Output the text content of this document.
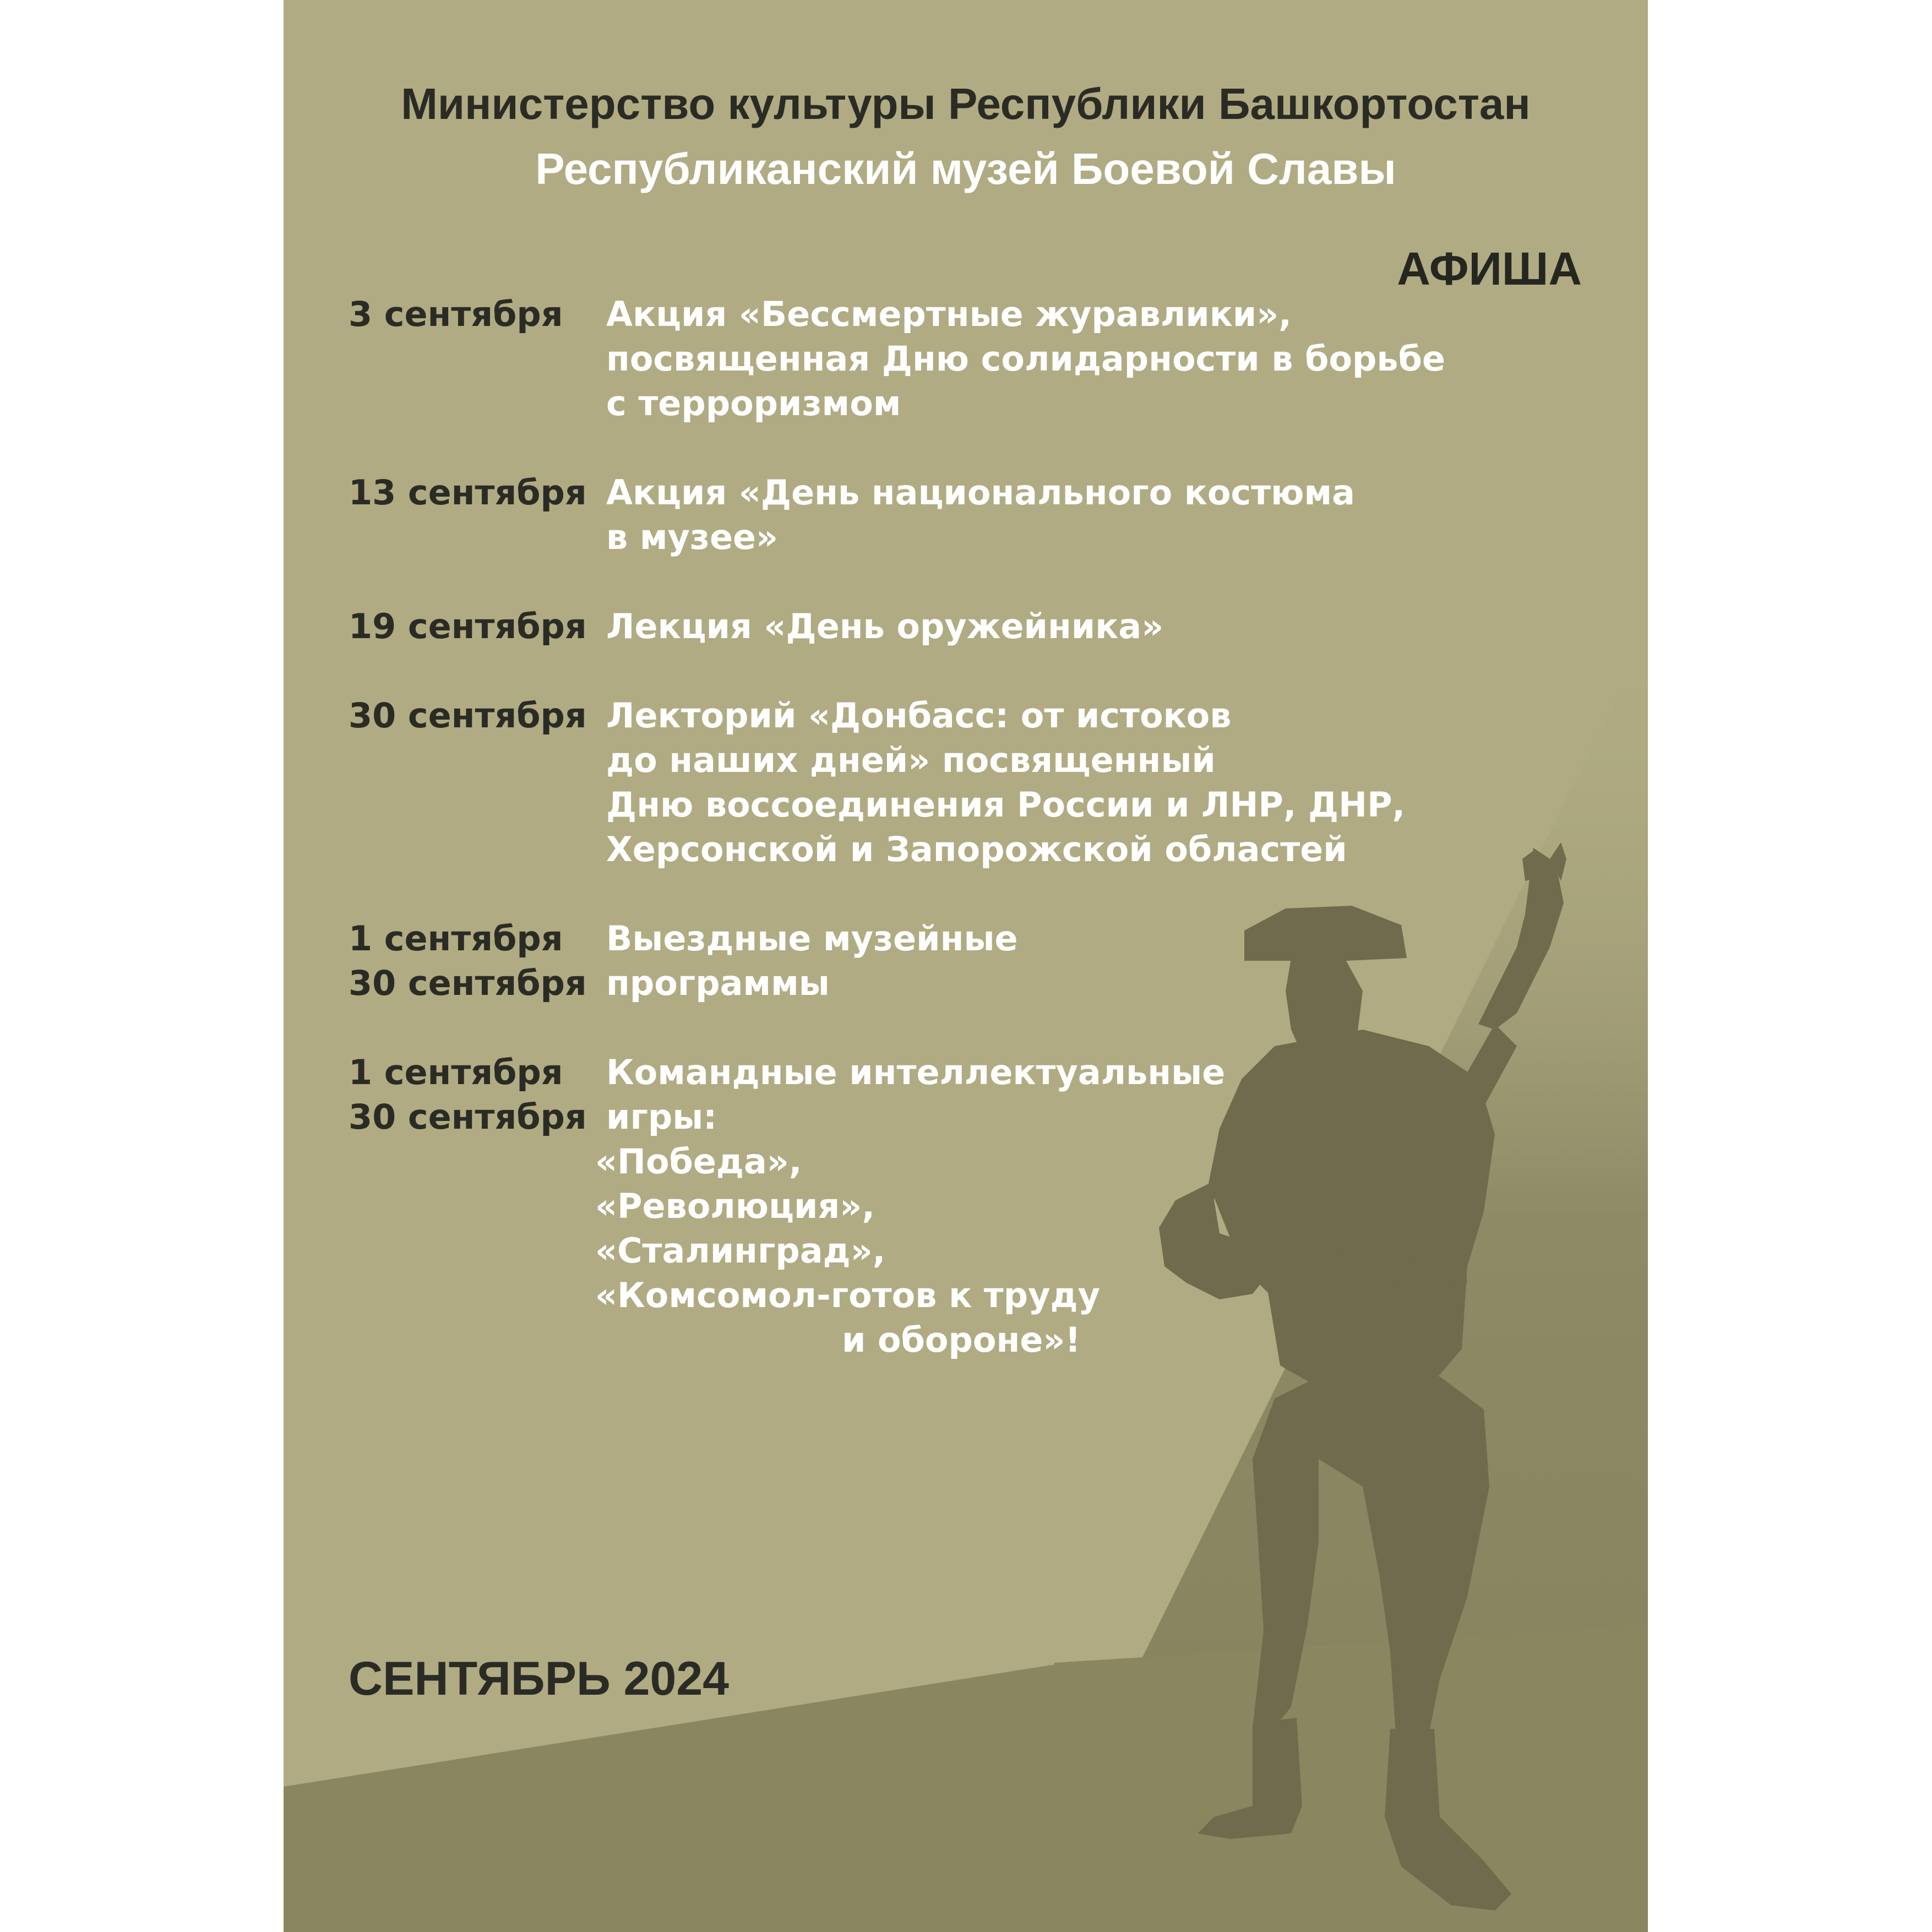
Министерство культуры Республики Башкортостан
Республиканский музей Боевой Славы
АФИША
3 сентября	Акция «Бессмертные журавлики»,
посвященная Дню солидарности в борьбе
с терроризмом
13 сентября Акция «День национального костюма
в музее»
19 сентября Лекция «День оружейника»
30 сентября Лекторий «Донбасс: от истоков
до наших дней» посвященный
Дню воссоединения России и ЛНР, ДНР,
Херсонской и Запорожской областей
1 сентября
30 сентября
Выездные музейные
программы
1 сентября
30 сентября
Командные интеллектуальные
игры:
«Победа»,
«Революция»,
«Сталинград»,
«Комсомол-готов к труду
и обороне»!
СЕНТЯБРЬ 2024
